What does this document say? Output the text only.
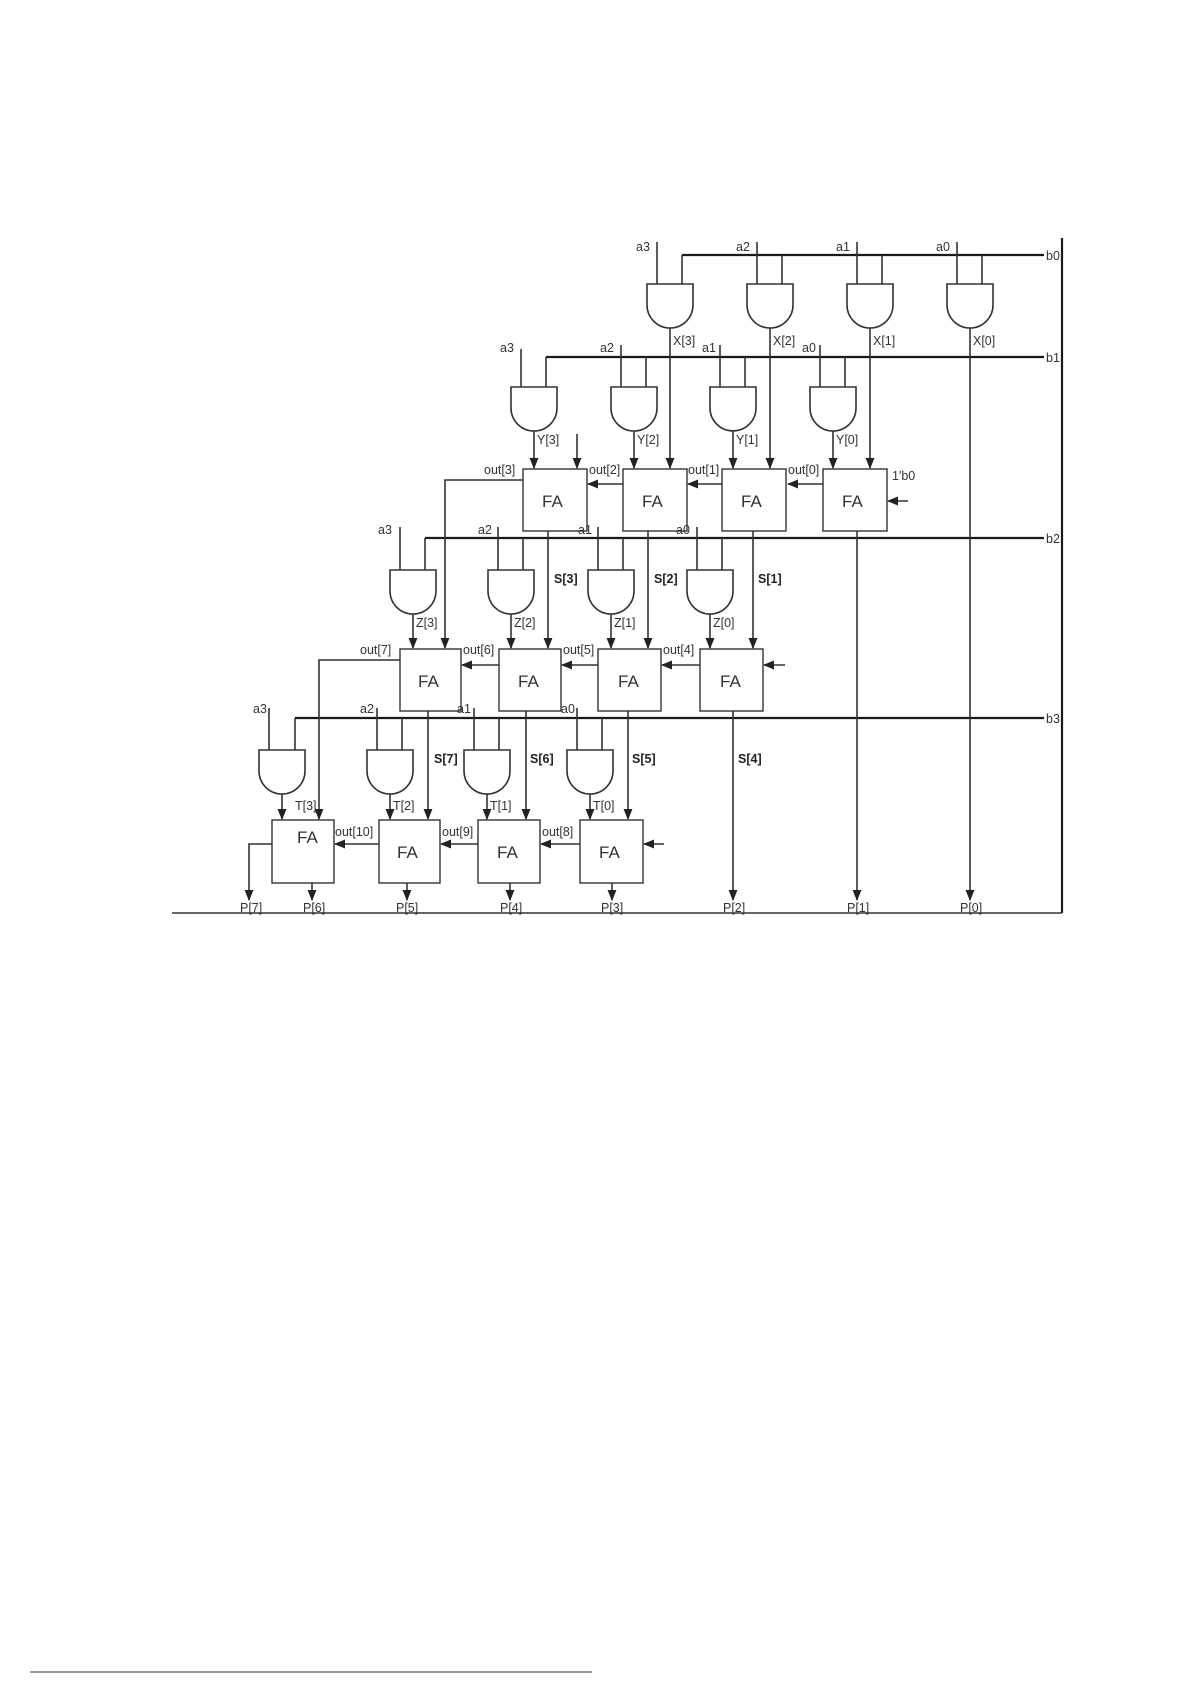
b0
b1
b2
b3
a3	a2	a1	a0
X[3]	X[2]	X[1]	X[0]
a3	a2	a1	a0
Y[3]	Y[2]	Y[1]	Y[0]
FA	FA	FA	FA
1'b0
out[0]
out[1]
out[2]
out[3]
S[3]	S[2]	S[1]
a3	a2	a1	a0
Z[3]	Z[2]	Z[1]	Z[0]
FA	FA	FA	FA
out[4]
out[5]
out[6]
out[7]
S[7]	S[6]	S[5]	S[4]
a3	a2	a1	a0
T[3]	T[2]	T[1]	T[0]
FA
FA	FA	FA
out[8]
out[9]
out[10]
P[7]	P[6]	P[5]	P[4]	P[3]	P[2]	P[1]	P[0]
